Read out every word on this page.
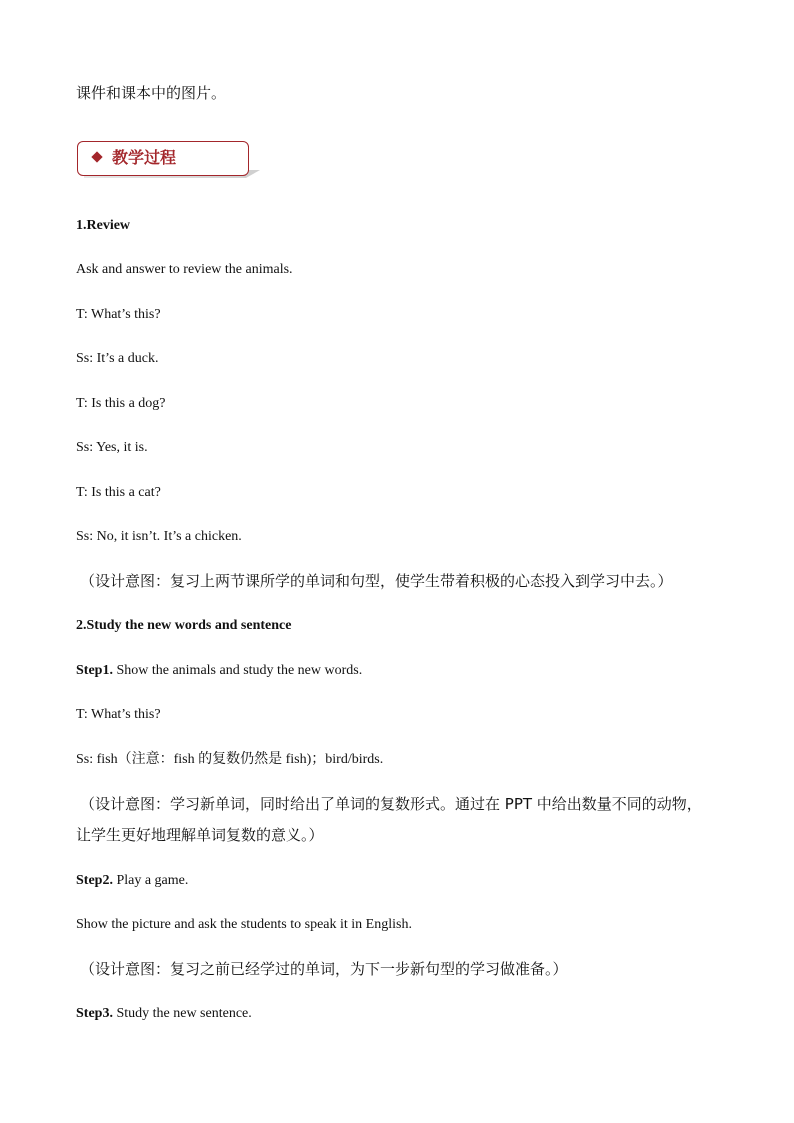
课件和课本中的图片。
教学过程
1.Review
Ask and answer to review the animals.
T: What’s this?
Ss: It’s a duck.
T: Is this a dog?
Ss: Yes, it is.
T: Is this a cat?
Ss: No, it isn’t. It’s a chicken.
（设计意图：复习上两节课所学的单词和句型，使学生带着积极的心态投入到学习中去。）
2.Study the new words and sentence
Step1. Show the animals and study the new words.
T: What’s this?
Ss: fish（注意：fish 的复数仍然是 fish)；bird/birds.
（设计意图：学习新单词，同时给出了单词的复数形式。通过在 PPT 中给出数量不同的动物，
让学生更好地理解单词复数的意义。）
Step2. Play a game.
Show the picture and ask the students to speak it in English.
（设计意图：复习之前已经学过的单词，为下一步新句型的学习做准备。）
Step3. Study the new sentence.
